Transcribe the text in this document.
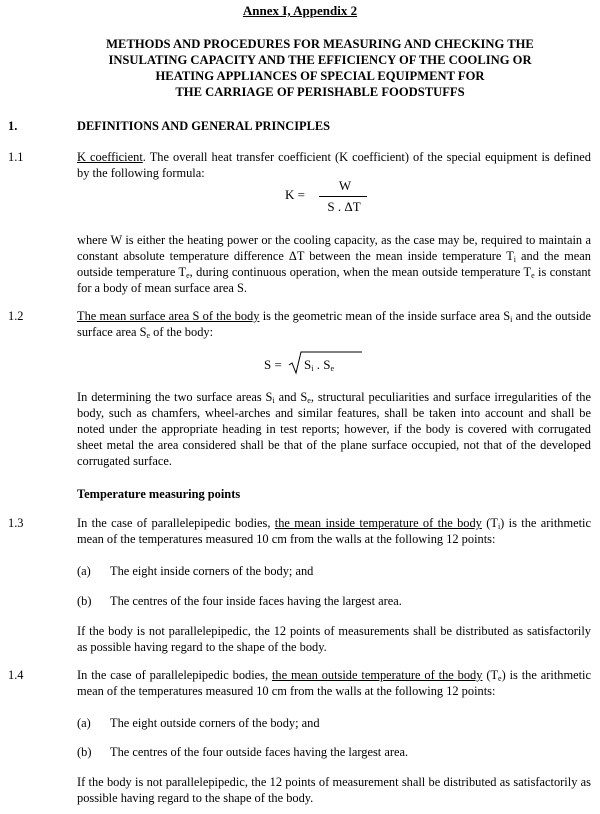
Annex I, Appendix 2
METHODS AND PROCEDURES FOR MEASURING AND CHECKING THE
INSULATING CAPACITY AND THE EFFICIENCY OF THE COOLING OR
HEATING APPLIANCES OF SPECIAL EQUIPMENT FOR
THE CARRIAGE OF PERISHABLE FOODSTUFFS
1.	DEFINITIONS AND GENERAL PRINCIPLES
1.1	K coefficient. The overall heat transfer coefficient (K coefficient) of the special equipment is defined by the following formula:
K =
W
S . ΔT
where W is either the heating power or the cooling capacity, as the case may be, required to maintain a constant absolute temperature difference ΔT between the mean inside temperature $T_i$ and the mean outside temperature $T_e$, during continuous operation, when the mean outside temperature $T_e$ is constant for a body of mean surface area S.
1.2	The mean surface area S of the body is the geometric mean of the inside surface area $S_i$ and the outside surface area $S_e$ of the body:
$S = S_i$ . $S_e$
In determining the two surface areas $S_i$ and $S_e$, structural peculiarities and surface irregularities of the body, such as chamfers, wheel-arches and similar features, shall be taken into account and shall be noted under the appropriate heading in test reports; however, if the body is covered with corrugated sheet metal the area considered shall be that of the plane surface occupied, not that of the developed corrugated surface.
Temperature measuring points
1.3	In the case of parallelepipedic bodies, the mean inside temperature of the body $(T_i)$ is the arithmetic mean of the temperatures measured 10 cm from the walls at the following 12 points:
(a) The eight inside corners of the body; and
(b) The centres of the four inside faces having the largest area.
If the body is not parallelepipedic, the 12 points of measurements shall be distributed as satisfactorily as possible having regard to the shape of the body.
1.4	In the case of parallelepipedic bodies, the mean outside temperature of the body $(T_e)$ is the arithmetic mean of the temperatures measured 10 cm from the walls at the following 12 points:
(a) The eight outside corners of the body; and
(b) The centres of the four outside faces having the largest area.
If the body is not parallelepipedic, the 12 points of measurement shall be distributed as satisfactorily as possible having regard to the shape of the body.
